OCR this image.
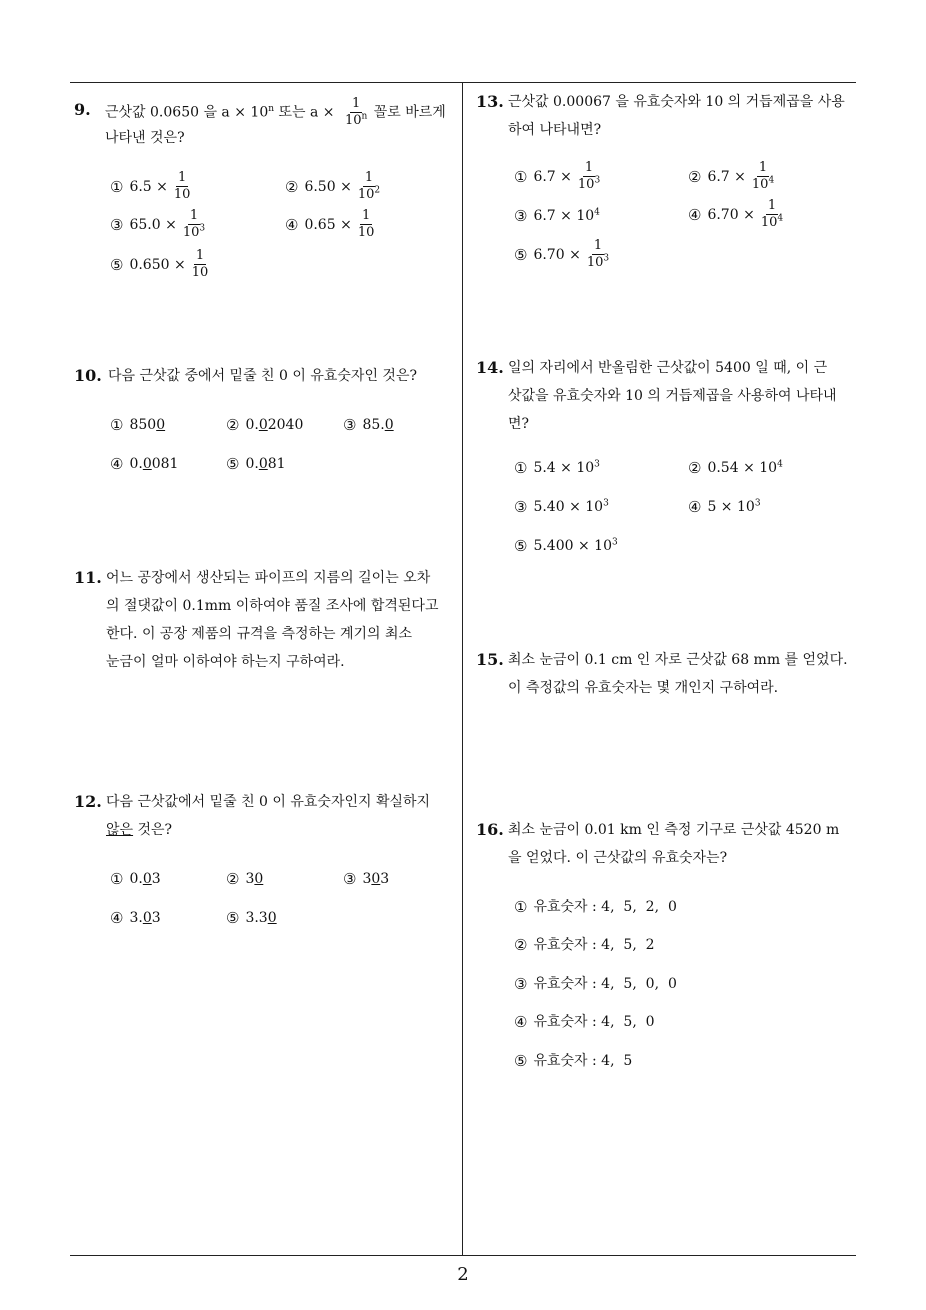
9. 근삿값 0.0650 을 $a \times 10^n$ 또는 $a \times \frac{1}{10^n}$ 꼴로 바르게
나타낸 것은?
① $6.5 \times \frac{1}{10}$	② $6.50 \times \frac{1}{10^2}$
③ $65.0 \times \frac{1}{10^3}$	④ $0.65 \times \frac{1}{10}$
⑤ $0.650 \times \frac{1}{10}$
10. 다음 근삿값 중에서 밑줄 친 0 이 유효숫자인 것은?
① 8500	② 0.02040	③ 85.0
④ 0.0081	⑤ 0.081
11. 어느 공장에서 생산되는 파이프의 지름의 길이는 오차
의 절댓값이 0.1mm 이하여야 품질 조사에 합격된다고
한다. 이 공장 제품의 규격을 측정하는 계기의 최소
눈금이 얼마 이하여야 하는지 구하여라.
12. 다음 근삿값에서 밑줄 친 0 이 유효숫자인지 확실하지
않은 것은?
① 0.03	② 30	③ 303
④ 3.03	⑤ 3.30
13. 근삿값 0.00067 을 유효숫자와 10 의 거듭제곱을 사용
하여 나타내면?
① $6.7 \times \frac{1}{10^3}$	② $6.7 \times \frac{1}{10^4}$
③ $6.7 \times 10^4$	④ $6.70 \times \frac{1}{10^4}$
⑤ $6.70 \times \frac{1}{10^3}$
14. 일의 자리에서 반올림한 근삿값이 5400 일 때, 이 근
삿값을 유효숫자와 10 의 거듭제곱을 사용하여 나타내
면?
① $5.4 \times 10^3$	② $0.54 \times 10^4$
③ $5.40 \times 10^3$	④ $5 \times 10^3$
⑤ $5.400 \times 10^3$
15. 최소 눈금이 0.1 cm 인 자로 근삿값 68 mm 를 얻었다.
이 측정값의 유효숫자는 몇 개인지 구하여라.
16. 최소 눈금이 0.01 km 인 측정 기구로 근삿값 4520 m
을 얻었다. 이 근삿값의 유효숫자는?
① 유효숫자 : 4,  5,  2,  0
② 유효숫자 : 4,  5,  2
③ 유효숫자 : 4,  5,  0,  0
④ 유효숫자 : 4,  5,  0
⑤ 유효숫자 : 4,  5
2
